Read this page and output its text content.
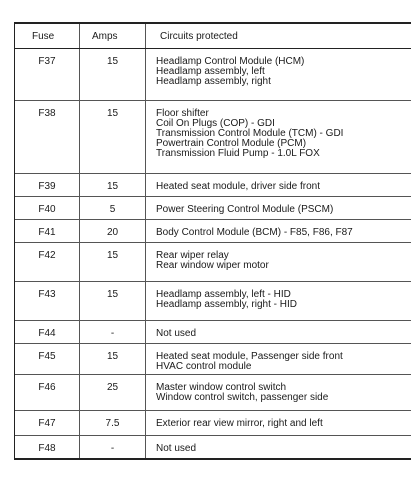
Fuse	Amps	Circuits protected
F37	15	Headlamp Control Module (HCM)
Headlamp assembly, left
Headlamp assembly, right
F38	15	Floor shifter
Coil On Plugs (COP) - GDI
Transmission Control Module (TCM) - GDI
Powertrain Control Module (PCM)
Transmission Fluid Pump - 1.0L FOX
F39	15	Heated seat module, driver side front
F40	5	Power Steering Control Module (PSCM)
F41	20	Body Control Module (BCM) - F85, F86, F87
F42	15	Rear wiper relay
Rear window wiper motor
F43	15	Headlamp assembly, left - HID
Headlamp assembly, right - HID
F44	-	Not used
F45	15	Heated seat module, Passenger side front
HVAC control module
F46	25	Master window control switch
Window control switch, passenger side
F47	7.5	Exterior rear view mirror, right and left
F48	-	Not used
